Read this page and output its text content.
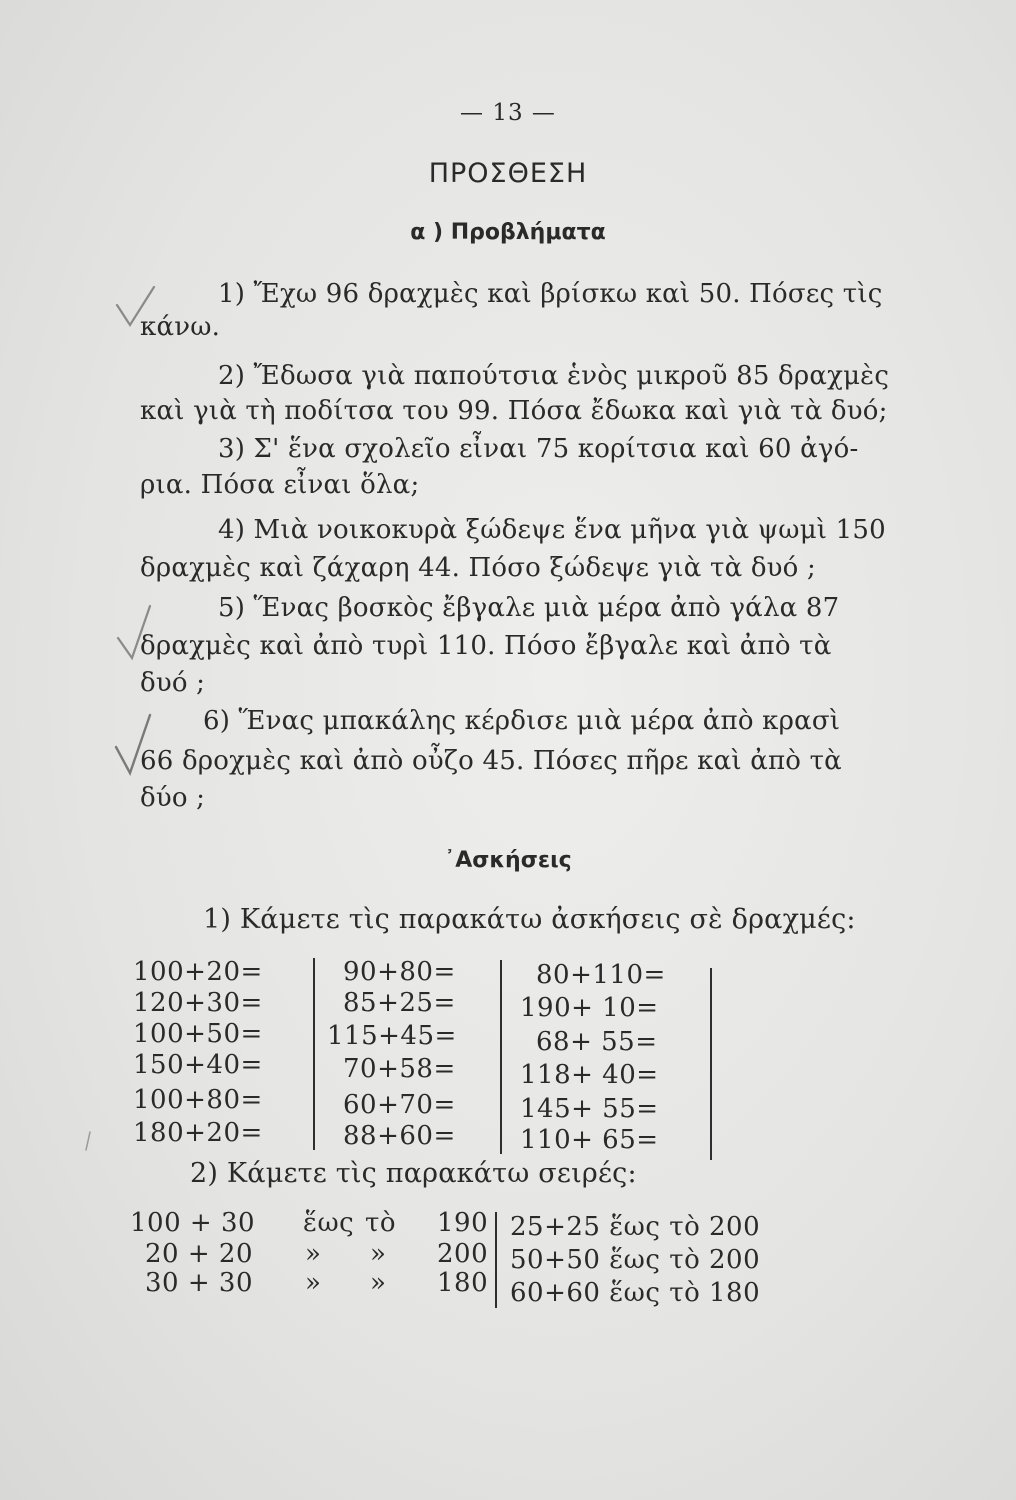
— 13 —
ΠΡΟΣΘΕΣΗ
α ) Προβλήματα
1) Ἔχω 96 δραχμὲς καὶ βρίσκω καὶ 50. Πόσες τὶς
κάνω.
2) Ἔδωσα γιὰ παπούτσια ἑνὸς μικροῦ 85 δραχμὲς
καὶ γιὰ τὴ ποδίτσα του 99. Πόσα ἔδωκα καὶ γιὰ τὰ δυό;
3) Σ' ἕνα σχολεῖο εἶναι 75 κορίτσια καὶ 60 ἀγό-
ρια. Πόσα εἶναι ὅλα;
4) Μιὰ νοικοκυρὰ ξώδεψε ἕνα μῆνα γιὰ ψωμὶ 150
δραχμὲς καὶ ζάχαρη 44. Πόσο ξώδεψε γιὰ τὰ δυό ;
5) Ἕνας βοσκὸς ἔβγαλε μιὰ μέρα ἀπὸ γάλα 87
δραχμὲς καὶ ἀπὸ τυρὶ 110. Πόσο ἔβγαλε καὶ ἀπὸ τὰ
δυό ;
6) Ἕνας μπακάλης κέρδισε μιὰ μέρα ἀπὸ κρασὶ
66 δροχμὲς καὶ ἀπὸ οὖζο 45. Πόσες πῆρε καὶ ἀπὸ τὰ
δύο ;
᾿Ασκήσεις
1) Κάμετε τὶς παρακάτω ἀσκήσεις σὲ δραχμές:
100+20=
120+30=
100+50=
150+40=
100+80=
180+20=
90+80=
85+25=
115+45=
70+58=
60+70=
88+60=
80+110=
190+ 10=
68+ 55=
118+ 40=
145+ 55=
110+ 65=
2) Κάμετε τὶς παρακάτω σειρές:
100 + 30 ἕως τὸ 190
20 + 20 » » 200
30 + 30 » » 180
25+25 ἕως τὸ 200
50+50 ἕως τὸ 200
60+60 ἕως τὸ 180
